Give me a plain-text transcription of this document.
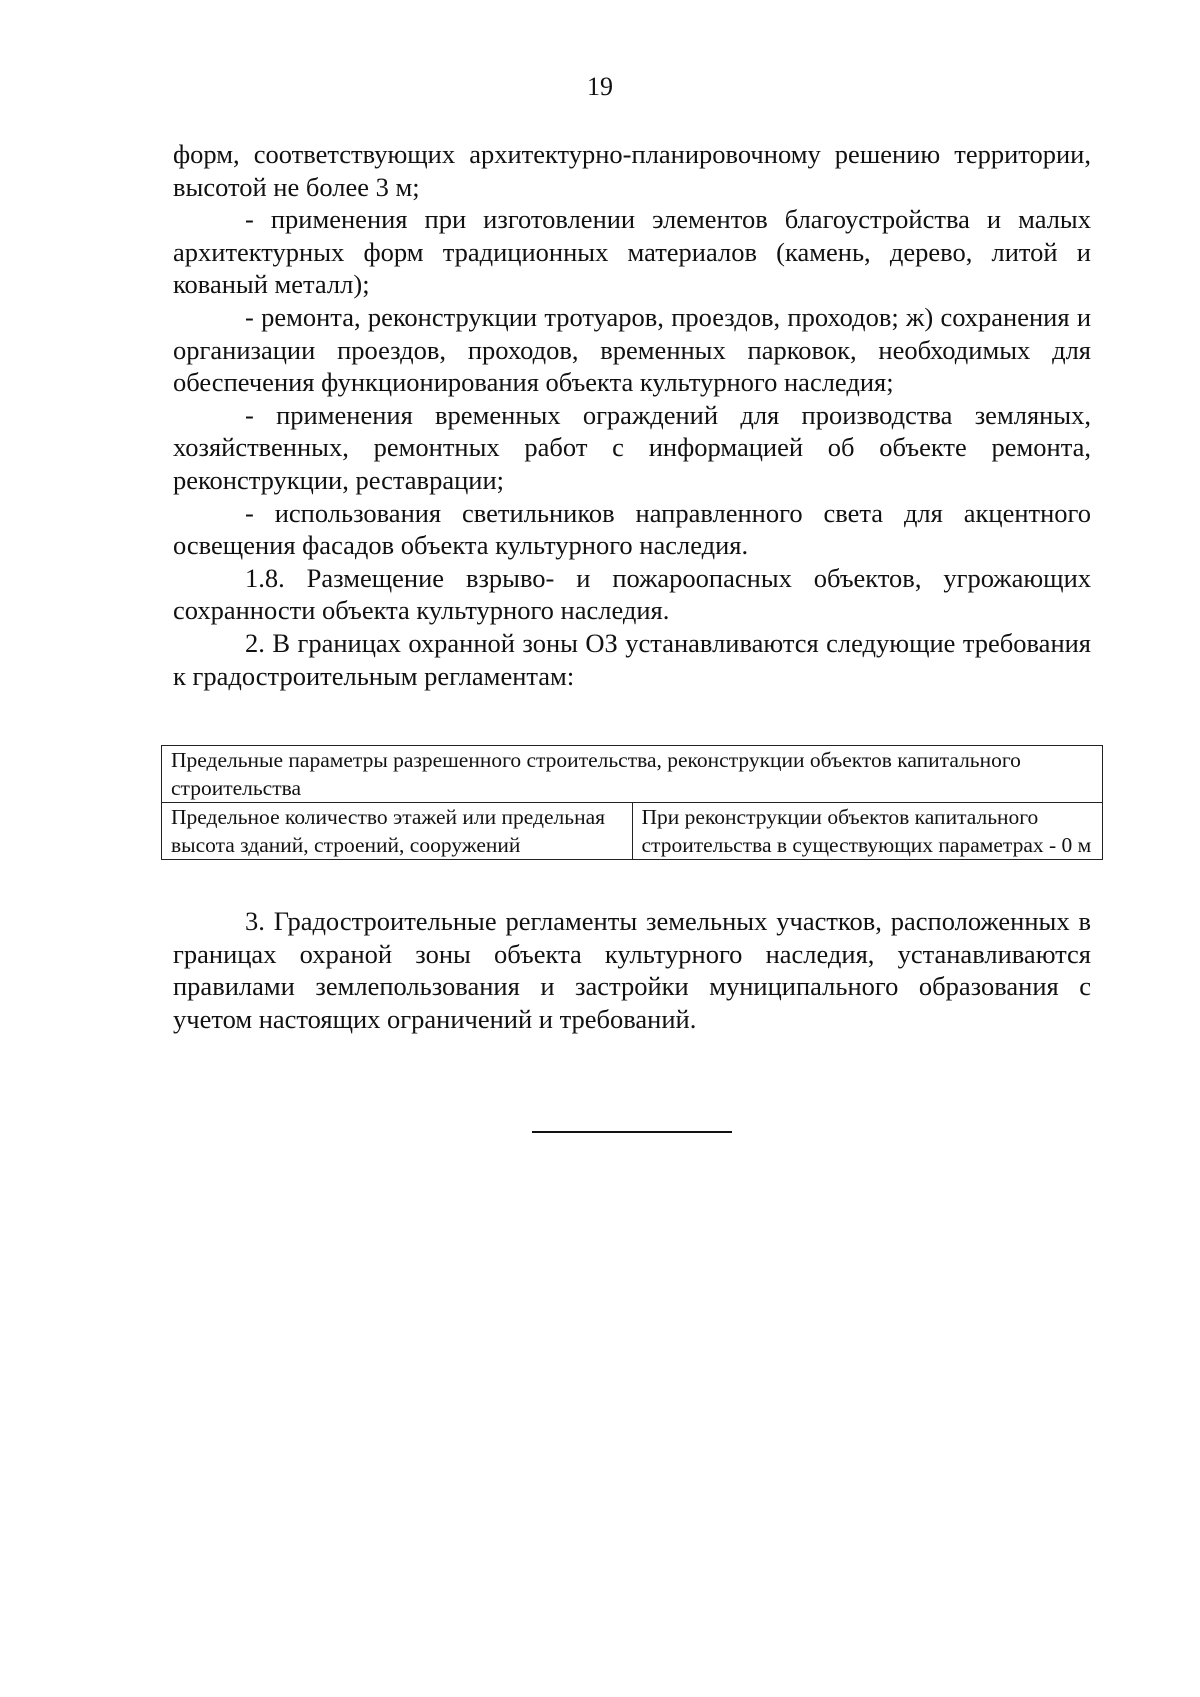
19

форм, соответствующих архитектурно-планировочному решению территории, высотой не более 3 м;

- применения при изготовлении элементов благоустройства и малых архитектурных форм традиционных материалов (камень, дерево, литой и кованый металл);

- ремонта, реконструкции тротуаров, проездов, проходов; ж) сохранения и организации проездов, проходов, временных парковок, необходимых для обеспечения функционирования объекта культурного наследия;

- применения временных ограждений для производства земляных, хозяйственных, ремонтных работ с информацией об объекте ремонта, реконструкции, реставрации;

- использования светильников направленного света для акцентного освещения фасадов объекта культурного наследия.

1.8. Размещение взрыво- и пожароопасных объектов, угрожающих сохранности объекта культурного наследия.

2. В границах охранной зоны ОЗ устанавливаются следующие требования к градостроительным регламентам:

Предельные параметры разрешенного строительства, реконструкции объектов капитального строительства
Предельное количество этажей или предельная высота зданий, строений, сооружений	При реконструкции объектов капитального строительства в существующих параметрах - 0 м

3. Градостроительные регламенты земельных участков, расположенных в границах охраной зоны объекта культурного наследия, устанавливаются правилами землепользования и застройки муниципального образования с учетом настоящих ограничений и требований.
